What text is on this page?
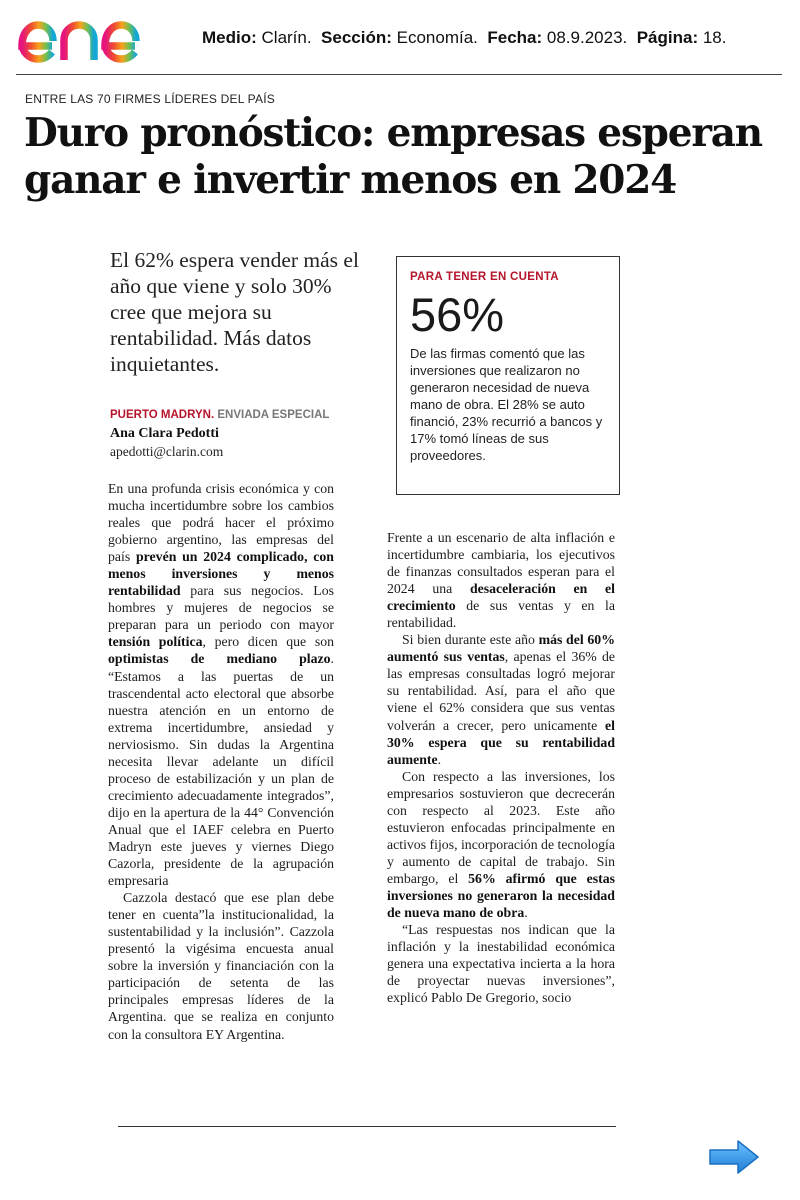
Medio: Clarín. Sección: Economía. Fecha: 08.9.2023. Página: 18.
ENTRE LAS 70 FIRMES LÍDERES DEL PAÍS
Duro pronóstico: empresas esperan ganar e invertir menos en 2024

El 62% espera vender más el año que viene y solo 30% cree que mejora su rentabilidad. Más datos inquietantes.

PUERTO MADRYN. ENVIADA ESPECIAL
Ana Clara Pedotti
apedotti@clarin.com

En una profunda crisis económica y con mucha incertidumbre sobre los cambios reales que podrá hacer el próximo gobierno argentino, las empresas del país prevén un 2024 complicado, con menos inversiones y menos rentabilidad para sus negocios. Los hombres y mujeres de negocios se preparan para un periodo con mayor tensión política, pero dicen que son optimistas de mediano plazo. “Estamos a las puertas de un trascendental acto electoral que absorbe nuestra atención en un entorno de extrema incertidumbre, ansiedad y nerviosismo. Sin dudas la Argentina necesita llevar adelante un difícil proceso de estabilización y un plan de crecimiento adecuadamente integrados”, dijo en la apertura de la 44° Convención Anual que el IAEF celebra en Puerto Madryn este jueves y viernes Diego Cazorla, presidente de la agrupación empresaria

Cazzola destacó que ese plan debe tener en cuenta”la institucionalidad, la sustentabilidad y la inclusión”. Cazzola presentó la vigésima encuesta anual sobre la inversión y financiación con la participación de setenta de las principales empresas líderes de la Argentina. que se realiza en conjunto con la consultora EY Argentina.

Frente a un escenario de alta inflación e incertidumbre cambiaria, los ejecutivos de finanzas consultados esperan para el 2024 una desaceleración en el crecimiento de sus ventas y en la rentabilidad.

Si bien durante este año más del 60% aumentó sus ventas, apenas el 36% de las empresas consultadas logró mejorar su rentabilidad. Así, para el año que viene el 62% considera que sus ventas volverán a crecer, pero unicamente el 30% espera que su rentabilidad aumente.

Con respecto a las inversiones, los empresarios sostuvieron que decrecerán con respecto al 2023. Este año estuvieron enfocadas principalmente en activos fijos, incorporación de tecnología y aumento de capital de trabajo. Sin embargo, el 56% afirmó que estas inversiones no generaron la necesidad de nueva mano de obra.

“Las respuestas nos indican que la inflación y la inestabilidad económica genera una expectativa incierta a la hora de proyectar nuevas inversiones”, explicó Pablo De Gregorio, socio

PARA TENER EN CUENTA
56%
De las firmas comentó que las inversiones que realizaron no generaron necesidad de nueva mano de obra. El 28% se auto financió, 23% recurrió a bancos y 17% tomó líneas de sus proveedores.
